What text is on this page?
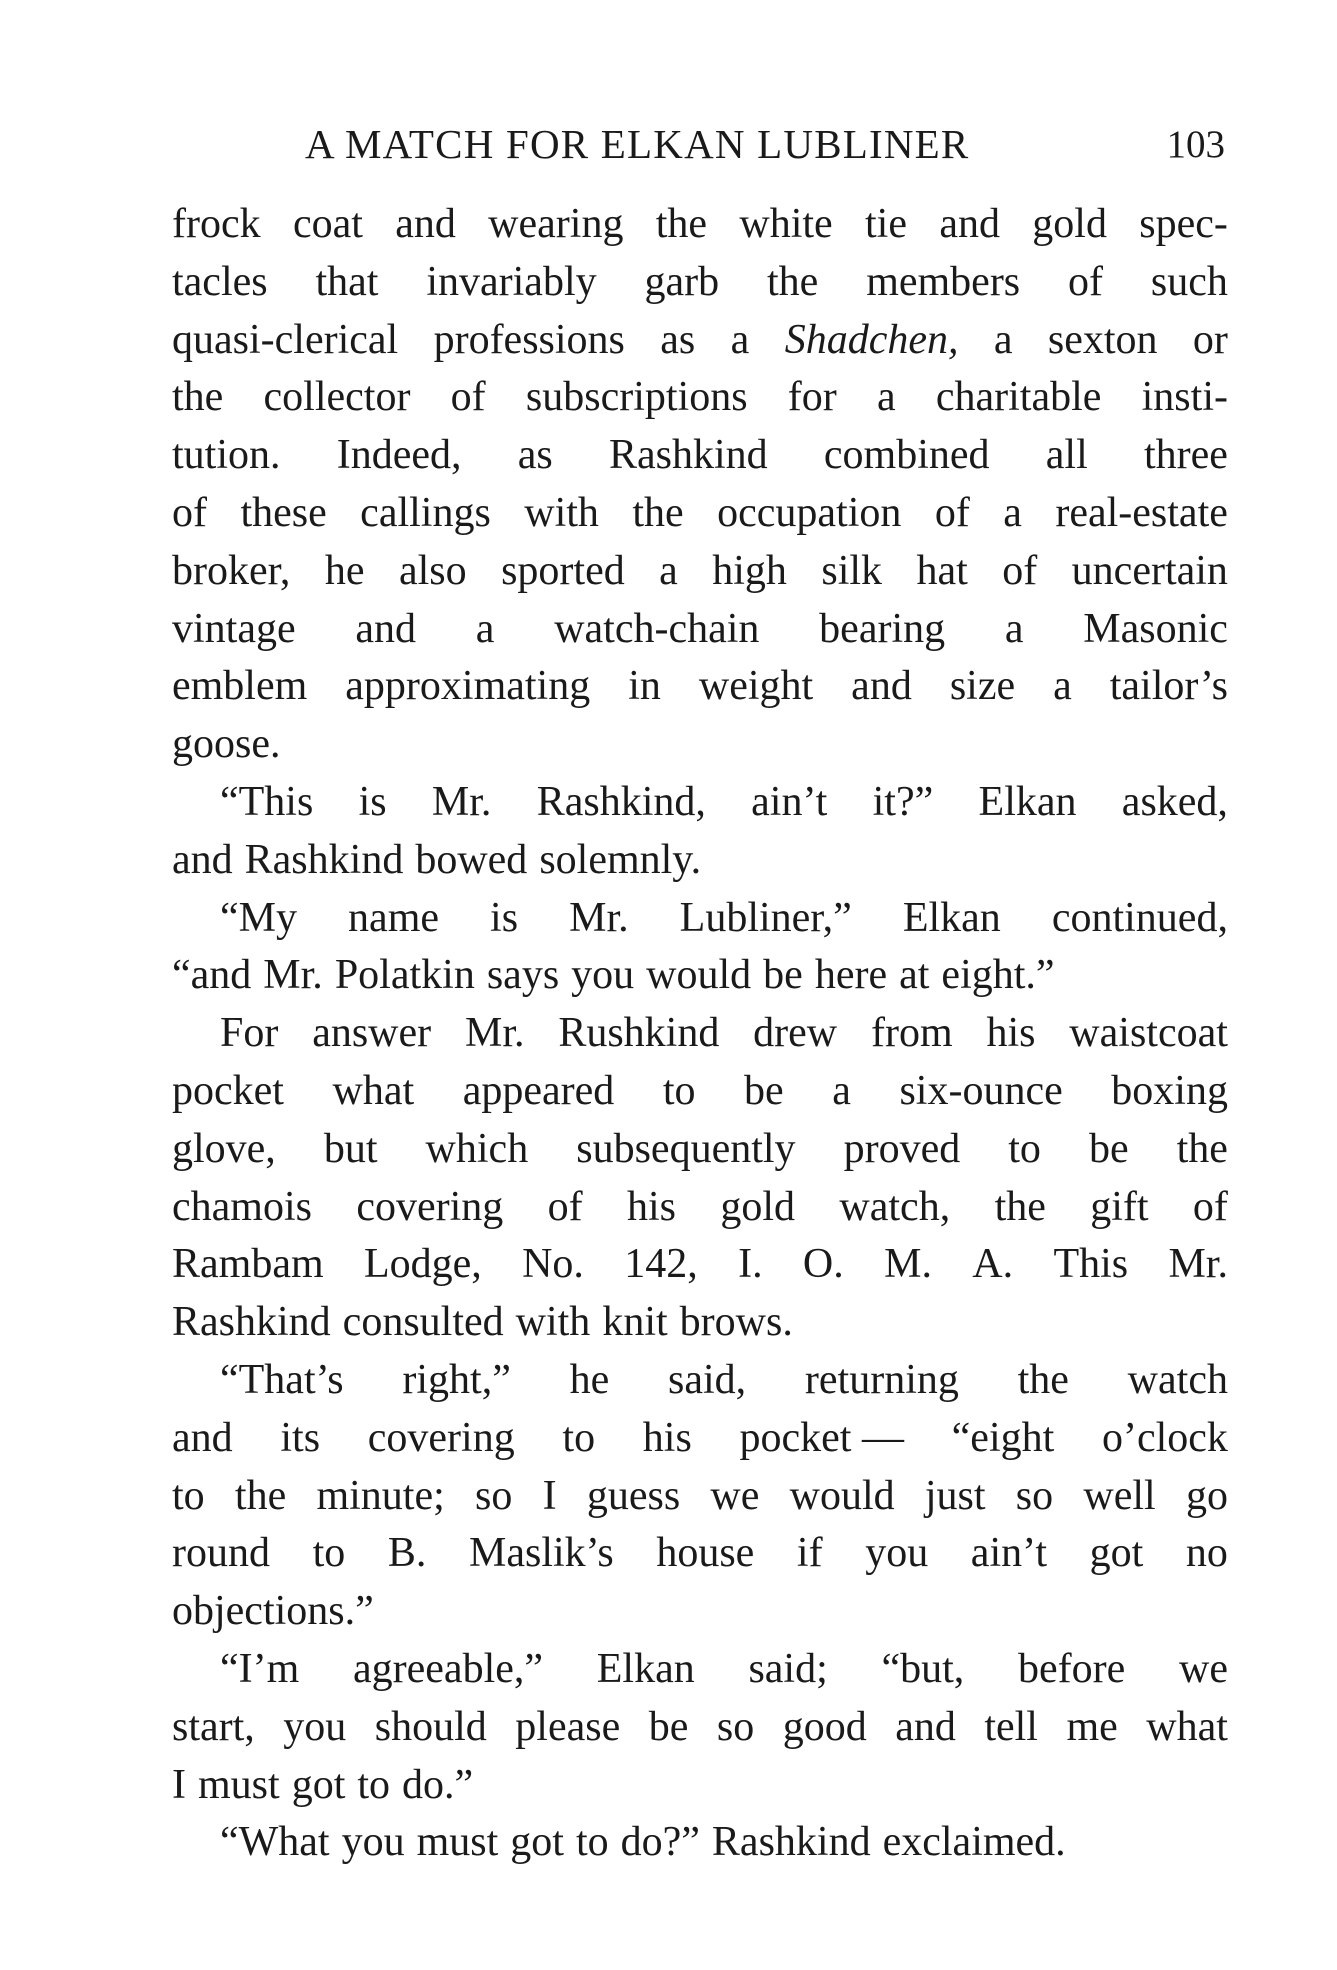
A MATCH FOR ELKAN LUBLINER	103
frock coat and wearing the white tie and gold spec-
tacles that invariably garb the members of such
quasi-clerical professions as a Shadchen, a sexton or
the collector of subscriptions for a charitable insti-
tution. Indeed, as Rashkind combined all three
of these callings with the occupation of a real-estate
broker, he also sported a high silk hat of uncertain
vintage and a watch-chain bearing a Masonic
emblem approximating in weight and size a tailor’s
goose.
“This is Mr. Rashkind, ain’t it?” Elkan asked,
and Rashkind bowed solemnly.
“My name is Mr. Lubliner,” Elkan continued,
“and Mr. Polatkin says you would be here at eight.”
For answer Mr. Rushkind drew from his waistcoat
pocket what appeared to be a six-ounce boxing
glove, but which subsequently proved to be the
chamois covering of his gold watch, the gift of
Rambam Lodge, No. 142, I. O. M. A. This Mr.
Rashkind consulted with knit brows.
“That’s right,” he said, returning the watch
and its covering to his pocket — “eight o’clock
to the minute; so I guess we would just so well go
round to B. Maslik’s house if you ain’t got no
objections.”
“I’m agreeable,” Elkan said; “but, before we
start, you should please be so good and tell me what
I must got to do.”
“What you must got to do?” Rashkind exclaimed.
